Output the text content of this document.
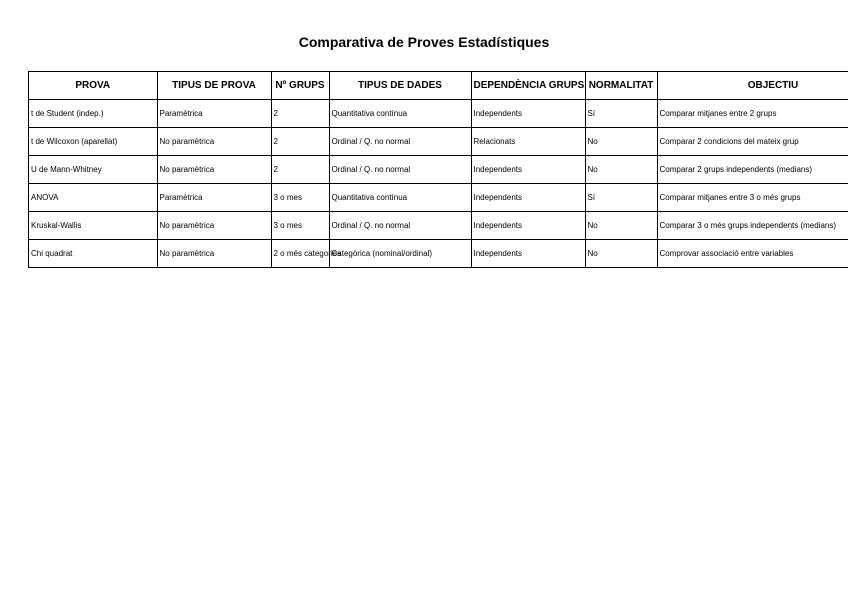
Comparativa de Proves Estadístiques
PROVA	TIPUS DE PROVA	Nº GRUPS	TIPUS DE DADES	DEPENDÈNCIA GRUPS	NORMALITAT	OBJECTIU
t de Student (indep.)	Paramètrica	2	Quantitativa contínua	Independents	Sí	Comparar mitjanes entre 2 grups
t de Wilcoxon (aparellat)	No paramètrica	2	Ordinal / Q. no normal	Relacionats	No	Comparar 2 condicions del mateix grup
U de Mann-Whitney	No paramètrica	2	Ordinal / Q. no normal	Independents	No	Comparar 2 grups independents (medians)
ANOVA	Paramètrica	3 o mes	Quantitativa contínua	Independents	Sí	Comparar mitjanes entre 3 o més grups
Kruskal-Wallis	No paramètrica	3 o mes	Ordinal / Q. no normal	Independents	No	Comparar 3 o més grups independents (medians)
Chi quadrat	No paramètrica	2 o més categories	Categòrica (nominal/ordinal)	Independents	No	Comprovar associació entre variables
